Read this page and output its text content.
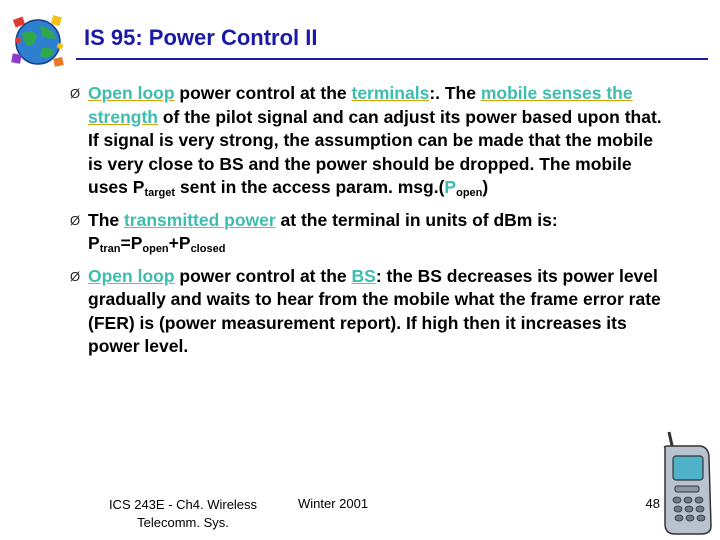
IS 95: Power Control II
Ø Open loop power control at the terminals:. The mobile senses the strength of the pilot signal and can adjust its power based upon that. If signal is very strong, the assumption can be made that the mobile is very close to BS and the power should be dropped. The mobile uses $P_{target}$ sent in the access param. $msg.(P_{open})$
Ø The transmitted power at the terminal in units of dBm is:
$P_{tran}=P_{open}+P_{closed}$
Ø Open loop power control at the BS: the BS decreases its power level gradually and waits to hear from the mobile what the frame error rate (FER) is (power measurement report). If high then it increases its power level.
ICS 243E - Ch4. Wireless
Telecomm. Sys.
Winter 2001	48
